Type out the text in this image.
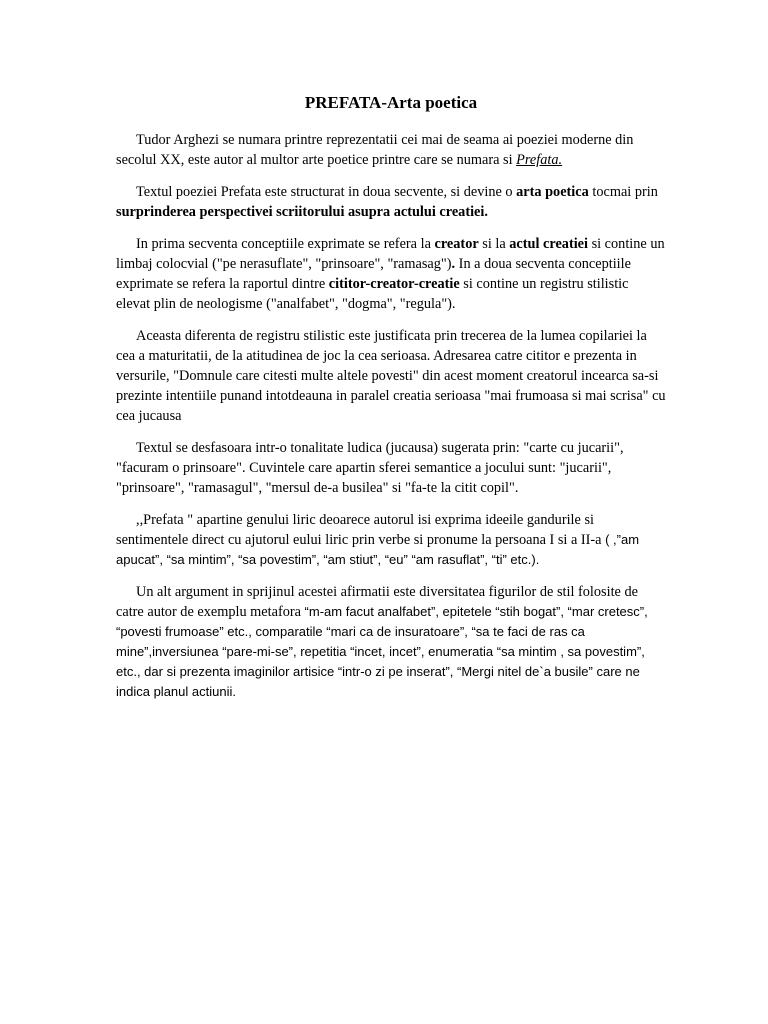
PREFATA-Arta poetica

Tudor Arghezi se numara printre reprezentatii cei mai de seama ai poeziei moderne din secolul XX, este autor al multor arte poetice printre care se numara si Prefata.

Textul poeziei Prefata este structurat in doua secvente, si devine o arta poetica tocmai prin surprinderea perspectivei scriitorului asupra actului creatiei.

In prima secventa conceptiile exprimate se refera la creator si la actul creatiei si contine un limbaj colocvial ("pe nerasuflate", "prinsoare", "ramasag"). In a doua secventa conceptiile exprimate se refera la raportul dintre cititor-creator-creatie si contine un registru stilistic elevat plin de neologisme ("analfabet", "dogma", "regula").

Aceasta diferenta de registru stilistic este justificata prin trecerea de la lumea copilariei la cea a maturitatii, de la atitudinea de joc la cea serioasa. Adresarea catre cititor e prezenta in versurile, "Domnule care citesti multe altele povesti" din acest moment creatorul incearca sa-si prezinte intentiile punand intotdeauna in paralel creatia serioasa "mai frumoasa si mai scrisa" cu cea jucausa

Textul se desfasoara intr-o tonalitate ludica (jucausa) sugerata prin: "carte cu jucarii", "facuram o prinsoare". Cuvintele care apartin sferei semantice a jocului sunt: "jucarii", "prinsoare", "ramasagul", "mersul de-a busilea" si "fa-te la citit copil".

,,Prefata " apartine genului liric deoarece autorul isi exprima ideeile gandurile si sentimentele direct cu ajutorul eului liric prin verbe si pronume la persoana I si a II-a ( ,”am apucat”, “sa mintim”, “sa povestim”, “am stiut”, “eu” “am rasuflat”, “ti” etc.).

Un alt argument in sprijinul acestei afirmatii este diversitatea figurilor de stil folosite de catre autor de exemplu metafora “m-am facut analfabet”, epitetele “stih bogat”, “mar cretesc”, “povesti frumoase” etc., comparatile “mari ca de insuratoare”, “sa te faci de ras ca mine”,inversiunea “pare-mi-se”, repetitia “incet, incet”, enumeratia “sa mintim , sa povestim”, etc., dar si prezenta imaginilor artisice “intr-o zi pe inserat”, “Mergi nitel de`a busile” care ne indica planul actiunii.
